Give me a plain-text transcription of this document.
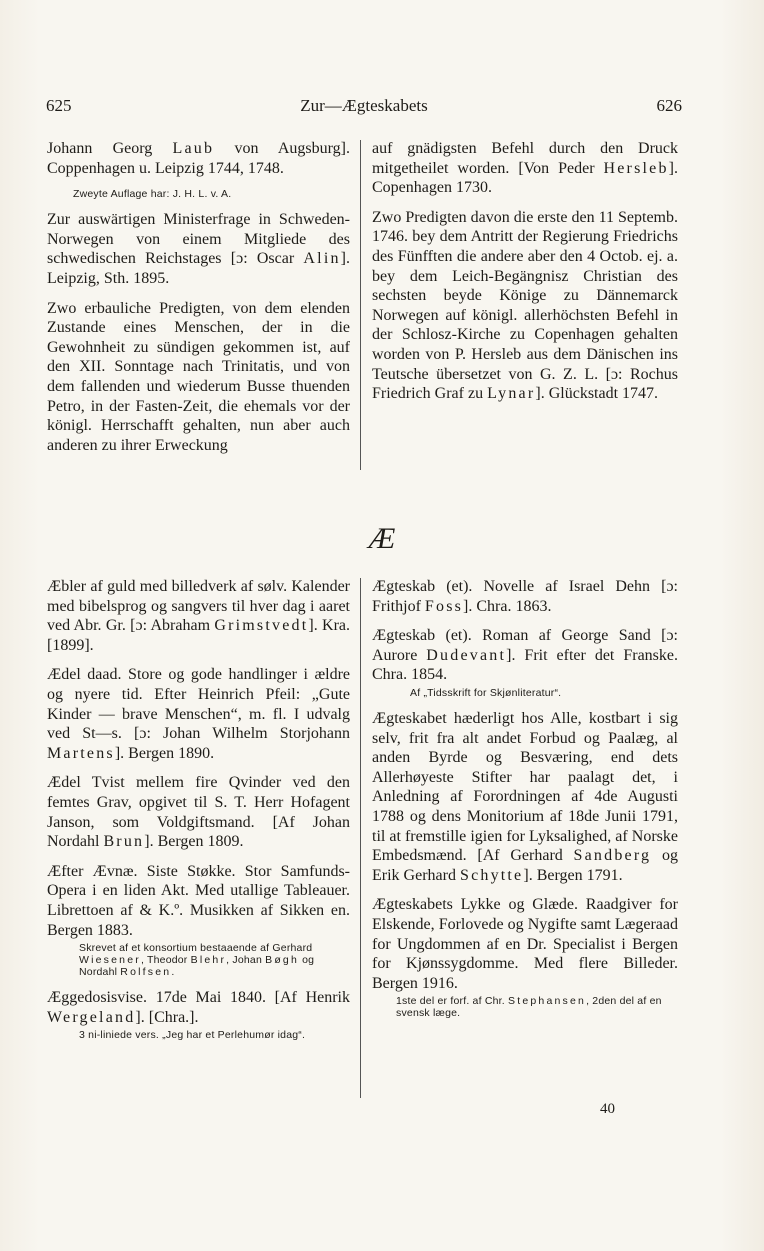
625	Zur—Ægteskabets	626

Johann Georg Laub von Augsburg]. Coppenhagen u. Leipzig 1744, 1748.

Zweyte Auflage har: J. H. L. v. A.

Zur auswärtigen Ministerfrage in Schweden-Norwegen von einem Mitgliede des schwedischen Reichstages [ɔ: Oscar Alin]. Leipzig, Sth. 1895.

Zwo erbauliche Predigten, von dem elenden Zustande eines Menschen, der in die Gewohnheit zu sündigen gekommen ist, auf den XII. Sonntage nach Trinitatis, und von dem fallenden und wiederum Busse thuenden Petro, in der Fasten-Zeit, die ehemals vor der königl. Herrschafft gehalten, nun aber auch anderen zu ihrer Erweckung

auf gnädigsten Befehl durch den Druck mitgetheilet worden. [Von Peder Hersleb]. Copenhagen 1730.

Zwo Predigten davon die erste den 11 Septemb. 1746. bey dem Antritt der Regierung Friedrichs des Fünfften die andere aber den 4 Octob. ej. a. bey dem Leich-Begängnisz Christian des sechsten beyde Könige zu Dännemarck Norwegen auf königl. allerhöchsten Befehl in der Schlosz-Kirche zu Copenhagen gehalten worden von P. Hersleb aus dem Dänischen ins Teutsche übersetzet von G. Z. L. [ɔ: Rochus Friedrich Graf zu Lynar]. Glückstadt 1747.

Æ

Æbler af guld med billedverk af sølv. Kalender med bibelsprog og sangvers til hver dag i aaret ved Abr. Gr. [ɔ: Abraham Grimstvedt]. Kra. [1899].

Ædel daad. Store og gode handlinger i ældre og nyere tid. Efter Heinrich Pfeil: „Gute Kinder — brave Menschen“, m. fl. I udvalg ved St—s. [ɔ: Johan Wilhelm Storjohann Martens]. Bergen 1890.

Ædel Tvist mellem fire Qvinder ved den femtes Grav, opgivet til S. T. Herr Hofagent Janson, som Voldgiftsmand. [Af Johan Nordahl Brun]. Bergen 1809.

Æfter Ævnæ. Siste Støkke. Stor Samfunds-Opera i en liden Akt. Med utallige Tableauer. Librettoen af & K.º. Musikken af Sikken en. Bergen 1883.

Skrevet af et konsortium bestaaende af Gerhard Wiesener, Theodor Blehr, Johan Bøgh og Nordahl Rolfsen.

Æggedosisvise. 17de Mai 1840. [Af Henrik Wergeland]. [Chra.].

3 ni-liniede vers. „Jeg har et Perlehumør idag“.

Ægteskab (et). Novelle af Israel Dehn [ɔ: Frithjof Foss]. Chra. 1863.

Ægteskab (et). Roman af George Sand [ɔ: Aurore Dudevant]. Frit efter det Franske. Chra. 1854.

Af „Tidsskrift for Skjønliteratur“.

Ægteskabet hæderligt hos Alle, kostbart i sig selv, frit fra alt andet Forbud og Paalæg, al anden Byrde og Besværing, end dets Allerhøyeste Stifter har paalagt det, i Anledning af Forordningen af 4de Augusti 1788 og dens Monitorium af 18de Junii 1791, til at fremstille igien for Lyksalighed, af Norske Embedsmænd. [Af Gerhard Sandberg og Erik Gerhard Schytte]. Bergen 1791.

Ægteskabets Lykke og Glæde. Raadgiver for Elskende, Forlovede og Nygifte samt Lægeraad for Ungdommen af en Dr. Specialist i Bergen for Kjønssygdomme. Med flere Billeder. Bergen 1916.

1ste del er forf. af Chr. Stephansen, 2den del af en svensk læge.

40
